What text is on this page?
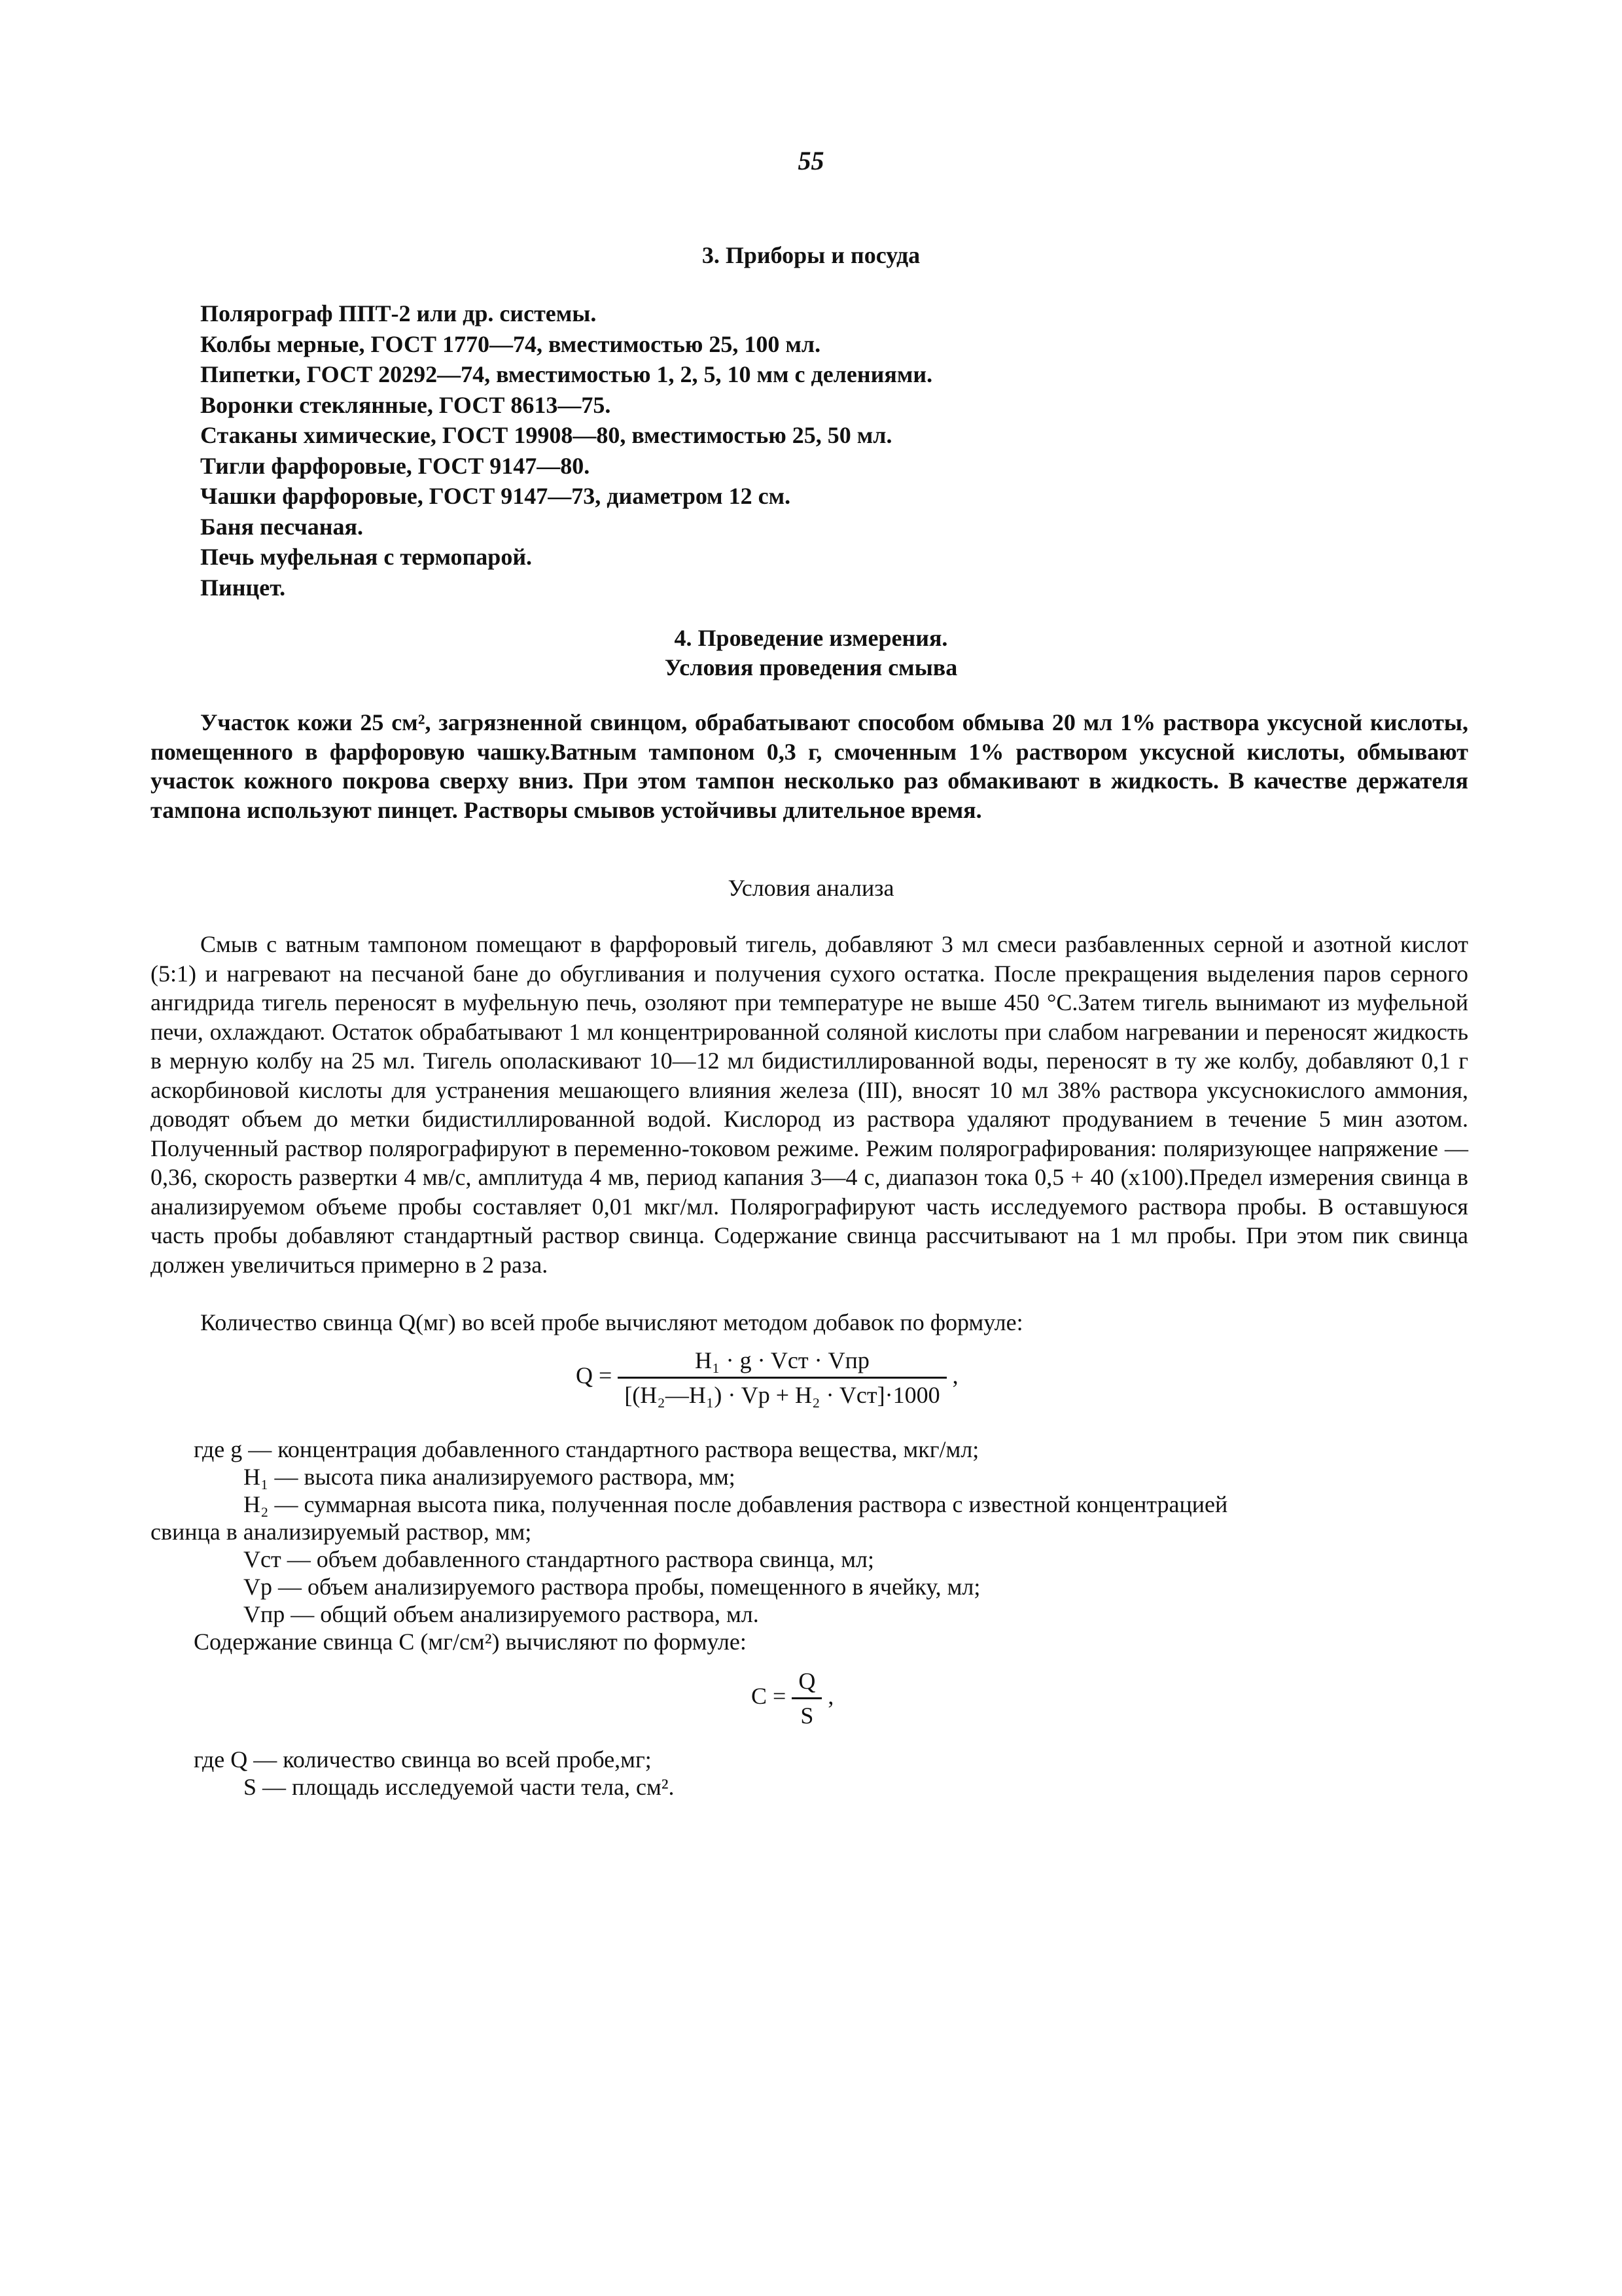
55
3. Приборы и посуда
Полярограф ППТ-2 или др. системы.
Колбы мерные, ГОСТ 1770—74, вместимостью 25, 100 мл.
Пипетки, ГОСТ 20292—74, вместимостью 1, 2, 5, 10 мм с делениями.
Воронки стеклянные, ГОСТ 8613—75.
Стаканы химические, ГОСТ 19908—80, вместимостью 25, 50 мл.
Тигли фарфоровые, ГОСТ 9147—80.
Чашки фарфоровые, ГОСТ 9147—73, диаметром 12 см.
Баня песчаная.
Печь муфельная с термопарой.
Пинцет.
4. Проведение измерения.
Условия проведения смыва

Участок кожи 25 см², загрязненной свинцом, обрабатывают способом обмыва 20 мл 1% раствора уксусной кислоты, помещенного в фарфоровую чашку.Ватным тампоном 0,3 г, смоченным 1% раствором уксусной кислоты, обмывают участок кожного покрова сверху вниз. При этом тампон несколько раз обмакивают в жидкость. В качестве держателя тампона используют пинцет. Растворы смывов устойчивы длительное время.

Условия анализа

Смыв с ватным тампоном помещают в фарфоровый тигель, добавляют 3 мл смеси разбавленных серной и азотной кислот (5:1) и нагревают на песчаной бане до обугливания и получения сухого остатка. После прекращения выделения паров серного ангидрида тигель переносят в муфельную печь, озоляют при температуре не выше 450 °С.Затем тигель вынимают из муфельной печи, охлаждают. Остаток обрабатывают 1 мл концентрированной соляной кислоты при слабом нагревании и переносят жидкость в мерную колбу на 25 мл. Тигель ополаскивают 10—12 мл бидистиллированной воды, переносят в ту же колбу, добавляют 0,1 г аскорбиновой кислоты для устранения мешающего влияния железа (III), вносят 10 мл 38% раствора уксуснокислого аммония, доводят объем до метки бидистиллированной водой. Кислород из раствора удаляют продуванием в течение 5 мин азотом. Полученный раствор полярографируют в переменно-токовом режиме. Режим полярографирования: поляризующее напряжение — 0,36, скорость развертки 4 мв/с, амплитуда 4 мв, период капания 3—4 с, диапазон тока 0,5 + 40 (x100).Предел измерения свинца в анализируемом объеме пробы составляет 0,01 мкг/мл. Полярографируют часть исследуемого раствора пробы. В оставшуюся часть пробы добавляют стандартный раствор свинца. Содержание свинца рассчитывают на 1 мл пробы. При этом пик свинца должен увеличиться примерно в 2 раза.

Количество свинца Q(мг) во всей пробе вычисляют методом добавок по формуле:
$Q = \frac{\text{H₁ · g · Vст · Vпр}}{\text{[(H₂—H₁) · Vр + H₂ · Vст]·1000}}$ ,
где g — концентрация добавленного стандартного раствора вещества, мкг/мл;
H₁ — высота пика анализируемого раствора, мм;
H₂ — суммарная высота пика, полученная после добавления раствора с известной концентрацией
свинца в анализируемый раствор, мм;
Vст — объем добавленного стандартного раствора свинца, мл;
Vр — объем анализируемого раствора пробы, помещенного в ячейку, мл;
Vпр — общий объем анализируемого раствора, мл.
Содержание свинца C (мг/см²) вычисляют по формуле:
$C = \frac{Q}{S}$ ,
где Q — количество свинца во всей пробе,мг;
S — площадь исследуемой части тела, см².
